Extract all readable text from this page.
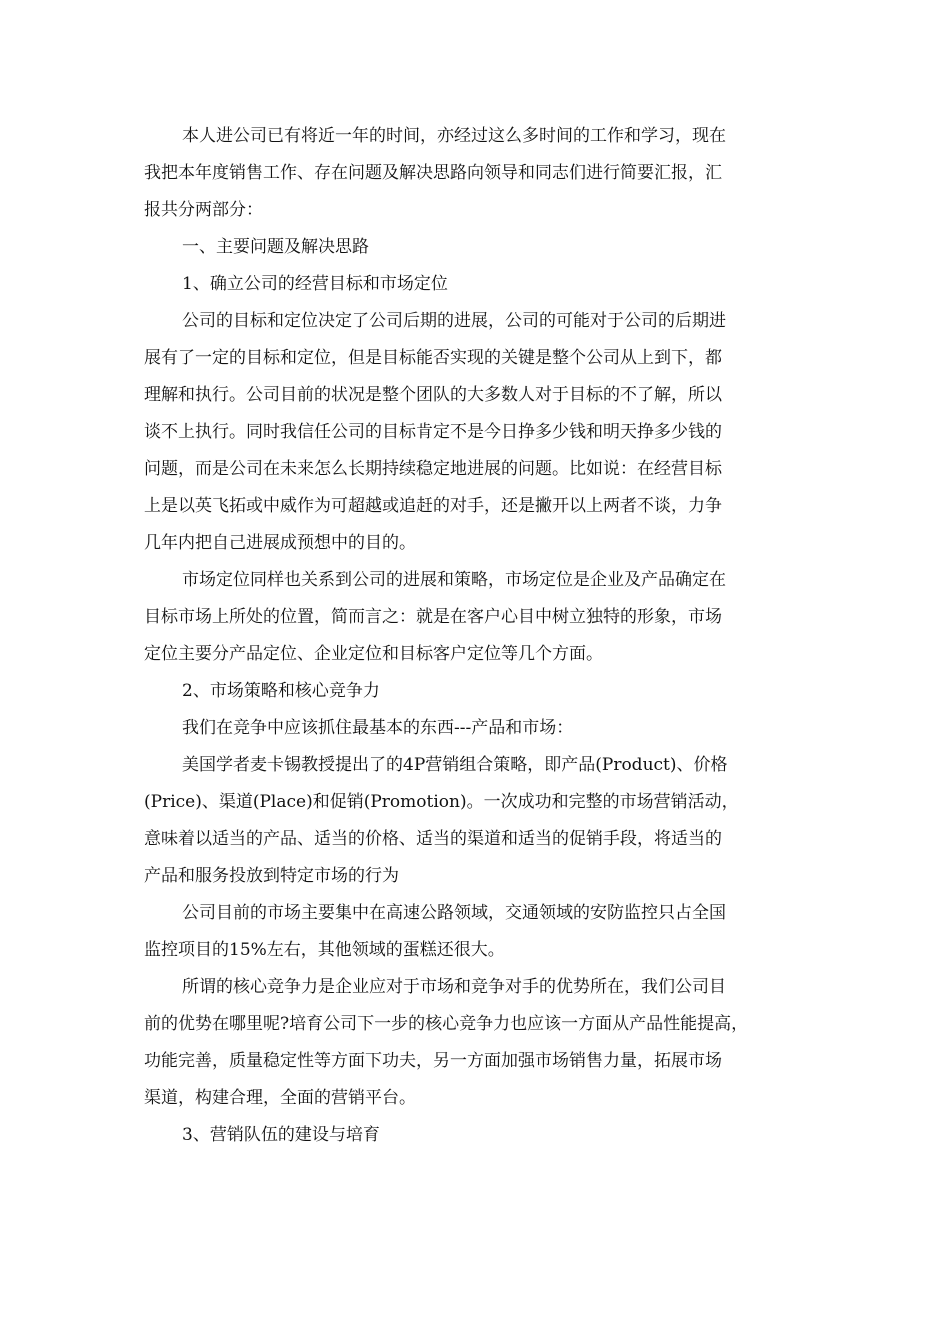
本人进公司已有将近一年的时间，亦经过这么多时间的工作和学习，现在
我把本年度销售工作、存在问题及解决思路向领导和同志们进行简要汇报，汇
报共分两部分：
一、主要问题及解决思路
1、确立公司的经营目标和市场定位
公司的目标和定位决定了公司后期的进展，公司的可能对于公司的后期进
展有了一定的目标和定位，但是目标能否实现的关键是整个公司从上到下，都
理解和执行。公司目前的状况是整个团队的大多数人对于目标的不了解，所以
谈不上执行。同时我信任公司的目标肯定不是今日挣多少钱和明天挣多少钱的
问题，而是公司在未来怎么长期持续稳定地进展的问题。比如说：在经营目标
上是以英飞拓或中威作为可超越或追赶的对手，还是撇开以上两者不谈，力争
几年内把自己进展成预想中的目的。
市场定位同样也关系到公司的进展和策略，市场定位是企业及产品确定在
目标市场上所处的位置，简而言之：就是在客户心目中树立独特的形象，市场
定位主要分产品定位、企业定位和目标客户定位等几个方面。
2、市场策略和核心竞争力
我们在竞争中应该抓住最基本的东西---产品和市场：
美国学者麦卡锡教授提出了的4P营销组合策略，即产品(Product)、价格
(Price)、渠道(Place)和促销(Promotion)。一次成功和完整的市场营销活动，
意味着以适当的产品、适当的价格、适当的渠道和适当的促销手段，将适当的
产品和服务投放到特定市场的行为
公司目前的市场主要集中在高速公路领域，交通领域的安防监控只占全国
监控项目的15%左右，其他领域的蛋糕还很大。
所谓的核心竞争力是企业应对于市场和竞争对手的优势所在，我们公司目
前的优势在哪里呢?培育公司下一步的核心竞争力也应该一方面从产品性能提高，
功能完善，质量稳定性等方面下功夫，另一方面加强市场销售力量，拓展市场
渠道，构建合理，全面的营销平台。
3、营销队伍的建设与培育
